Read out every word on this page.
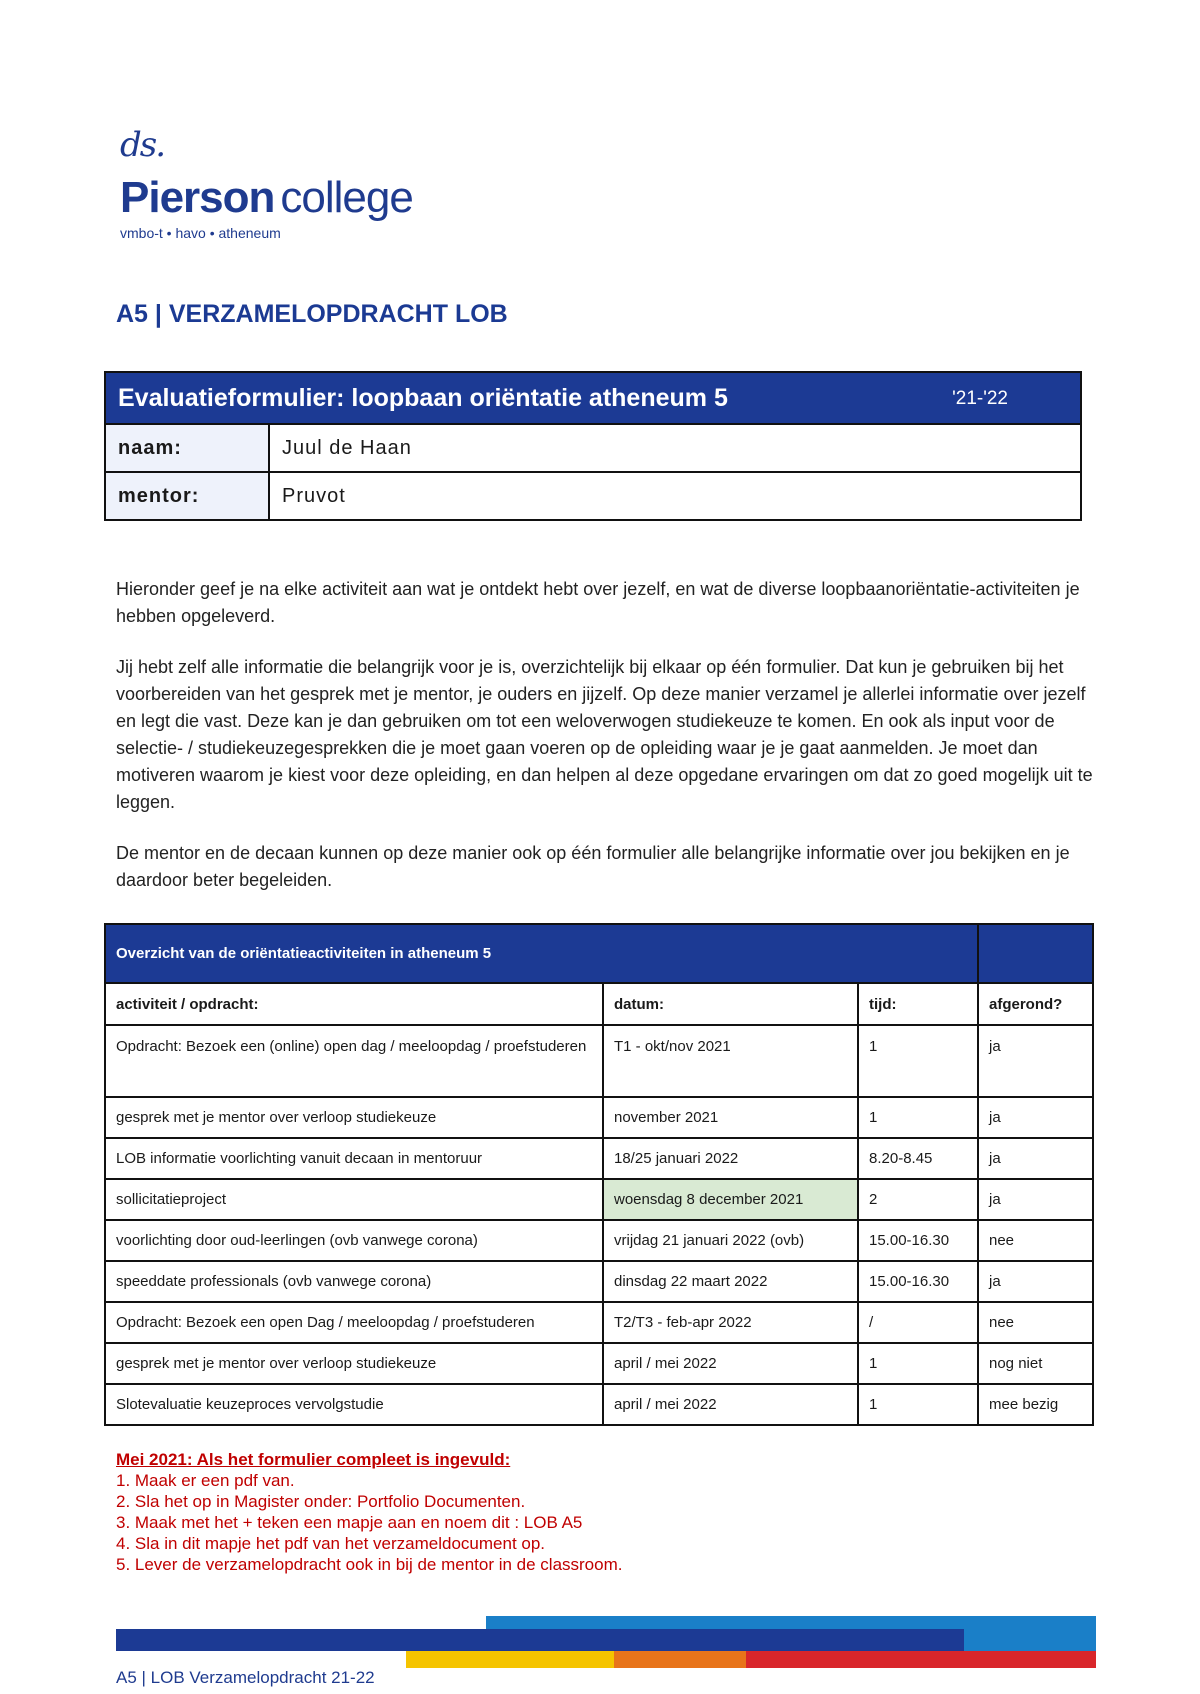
ds.
Pierson college
vmbo-t • havo • atheneum
A5 | VERZAMELOPDRACHT LOB
Evaluatieformulier: loopbaan oriëntatie atheneum 5 '21-'22	

naam:	Juul de Haan
mentor:	Pruvot

Hieronder geef je na elke activiteit aan wat je ontdekt hebt over jezelf, en wat de diverse loopbaanoriëntatie-activiteiten je hebben opgeleverd.

Jij hebt zelf alle informatie die belangrijk voor je is, overzichtelijk bij elkaar op één formulier. Dat kun je gebruiken bij het voorbereiden van het gesprek met je mentor, je ouders en jijzelf. Op deze manier verzamel je allerlei informatie over jezelf en legt die vast. Deze kan je dan gebruiken om tot een weloverwogen studiekeuze te komen. En ook als input voor de selectie- / studiekeuzegesprekken die je moet gaan voeren op de opleiding waar je je gaat aanmelden. Je moet dan motiveren waarom je kiest voor deze opleiding, en dan helpen al deze opgedane ervaringen om dat zo goed mogelijk uit te leggen.

De mentor en de decaan kunnen op deze manier ook op één formulier alle belangrijke informatie over jou bekijken en je daardoor beter begeleiden.

Overzicht van de oriëntatieactiviteiten in atheneum 5			
activiteit / opdracht:	datum:	tijd:	afgerond?
Opdracht: Bezoek een (online) open dag / meeloopdag / proefstuderen	T1 - okt/nov 2021	1	ja
gesprek met je mentor over verloop studiekeuze	november 2021	1	ja
LOB informatie voorlichting vanuit decaan in mentoruur	18/25 januari 2022	8.20-8.45	ja
sollicitatieproject	woensdag 8 december 2021	2	ja
voorlichting door oud-leerlingen (ovb vanwege corona)	vrijdag 21 januari 2022 (ovb)	15.00-16.30	nee
speeddate professionals (ovb vanwege corona)	dinsdag 22 maart 2022	15.00-16.30	ja
Opdracht: Bezoek een open Dag / meeloopdag / proefstuderen	T2/T3 - feb-apr 2022	/	nee
gesprek met je mentor over verloop studiekeuze	april / mei 2022	1	nog niet
Slotevaluatie keuzeproces vervolgstudie	april / mei 2022	1	mee bezig
Mei 2021: Als het formulier compleet is ingevuld:
1. Maak er een pdf van.
2. Sla het op in Magister onder: Portfolio Documenten.
3. Maak met het + teken een mapje aan en noem dit : LOB A5
4. Sla in dit mapje het pdf van het verzameldocument op.
5. Lever de verzamelopdracht ook in bij de mentor in de classroom.
A5 | LOB Verzamelopdracht 21-22
